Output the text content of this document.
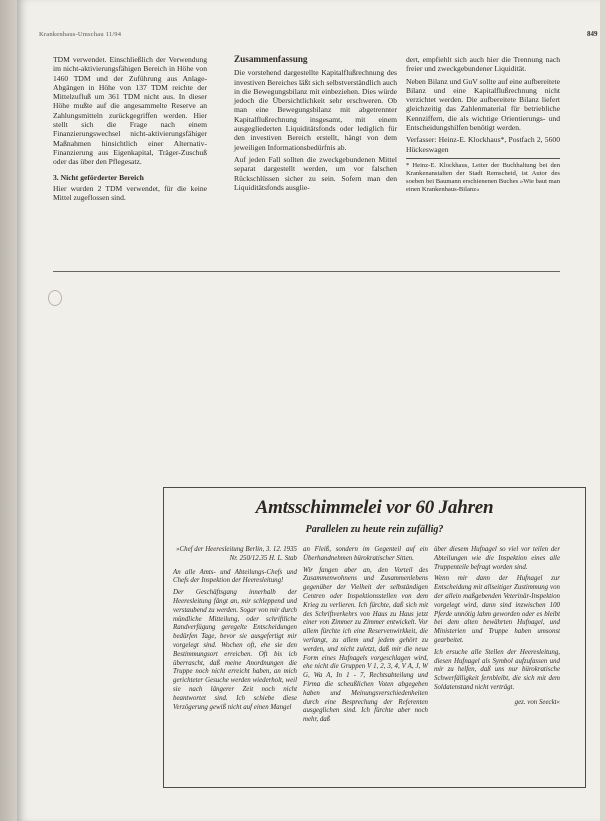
Krankenhaus-Umschau 11/94	849

TDM verwendet. Einschließlich der Verwendung im nicht-aktivierungsfähigen Bereich in Höhe von 1460 TDM und der Zuführung aus Anlage-Abgängen in Höhe von 137 TDM reichte der Mittelzufluß um 361 TDM nicht aus. In dieser Höhe mußte auf die angesammelte Reserve an Zahlungsmitteln zurückgegriffen werden. Hier stellt sich die Frage nach einem Finanzierungswechsel nicht-aktivierungsfähiger Maßnahmen hinsichtlich einer Alternativ-Finanzierung aus Eigenkapital, Träger-Zuschuß oder das über den Pflegesatz.

3. Nicht geförderter Bereich

Hier wurden 2 TDM verwendet, für die keine Mittel zugeflossen sind.

Zusammenfassung

Die vorstehend dargestellte Kapitalflußrechnung des investiven Bereiches läßt sich selbstverständlich auch in die Bewegungsbilanz mit einbeziehen. Dies würde jedoch die Übersichtlichkeit sehr erschweren. Ob man eine Bewegungsbilanz mit abgetrennter Kapitalflußrechnung insgesamt, mit einem ausgegliederten Liquiditätsfonds oder lediglich für den investiven Bereich erstellt, hängt von dem jeweiligen Informationsbedürfnis ab.

Auf jeden Fall sollten die zweckgebundenen Mittel separat dargestellt werden, um vor falschen Rückschlüssen sicher zu sein. Sofern man den Liquiditätsfonds ausglie-

dert, empfiehlt sich auch hier die Trennung nach freier und zweckgebundener Liquidität.

Neben Bilanz und GuV sollte auf eine aufbereitete Bilanz und eine Kapitalflußrechnung nicht verzichtet werden. Die aufbereitete Bilanz liefert gleichzeitig das Zahlenmaterial für betriebliche Kennziffern, die als wichtige Orientierungs- und Entscheidungshilfen benötigt werden.

Verfasser: Heinz-E. Klockhaus*, Postfach 2, 5600 Hückeswagen

* Heinz-E. Klockhaus, Leiter der Buchhaltung bei den Krankenanstalten der Stadt Remscheid, ist Autor des soeben bei Baumann erschienenen Buches »Wie baut man einen Krankenhaus-Bilanz«
Amtsschimmelei vor 60 Jahren
Parallelen zu heute rein zufällig?

»Chef der Heeresleitung Berlin, 3. 12. 1935 Nr. 250/12.35 H. L. Stab

An alle Amts- und Abteilungs-Chefs und Chefs der Inspektion der Heeresleitung!

Der Geschäftsgang innerhalb der Heeresleitung fängt an, mir schleppend und verstaubend zu werden. Sogar von mir durch mündliche Mitteilung, oder schriftliche Randverfügung geregelte Entscheidungen bedürfen Tage, bevor sie ausgefertigt mir vorgelegt sind. Wochen oft, ehe sie den Bestimmungsort erreichen. Oft bis ich überrascht, daß meine Anordnungen die Truppe noch nicht erreicht haben, an mich gerichteter Gesuche werden wiederholt, weil sie nach längerer Zeit noch nicht beantwortet sind. Ich schiebe diese Verzögerung gewiß nicht auf einen Mangel

an Fleiß, sondern im Gegenteil auf ein Überhandnehmen bürokratischer Sitten.

Wir fangen aber an, den Vorteil des Zusammenwohnens und Zusammenlebens gegenüber der Vielheit der selbständigen Centren oder Inspektionsstellen von dem Krieg zu verlieren. Ich fürchte, daß sich mit des Schriftverkehrs von Haus zu Haus jetzt einer von Zimmer zu Zimmer entwickelt. Vor allem fürchte ich eine Reservenwirkkeit, die verlangt, zu allem und jedem gehört zu werden, und nicht zuletzt, daß mir die neue Form eines Hufnagels vorgeschlagen wird, ehe nicht die Gruppen V 1, 2, 3, 4, V A, J, W G, Wa A, In 1 - 7, Rechtsabteilung und Firma die scheußlichen Voten abgegeben haben und Meinungsverschiedenheiten durch eine Besprechung der Referenten ausgeglichen sind. Ich fürchte aber noch mehr, daß

über diesem Hufnagel so viel vor teilen der Abteilungen wie die Inspektion eines alle Truppenteile befragt worden sind.

Wenn mir dann der Hufnagel zur Entscheidung mit allseitiger Zustimmung von der allein maßgebenden Veterinär-Inspektion vorgelegt wird, dann sind inzwischen 100 Pferde unnötig lahm geworden oder es bleibt bei dem alten bewährten Hufnagel, und Ministerien und Truppe haben umsonst gearbeitet.

Ich ersuche alle Stellen der Heeresleitung, diesen Hufnagel als Symbol aufzufassen und mir zu helfen, daß uns nur bürokratische Schwerfälligkeit fernbleibt, die sich mit dem Soldatenstand nicht verträgt.

gez. von Seeckt«
